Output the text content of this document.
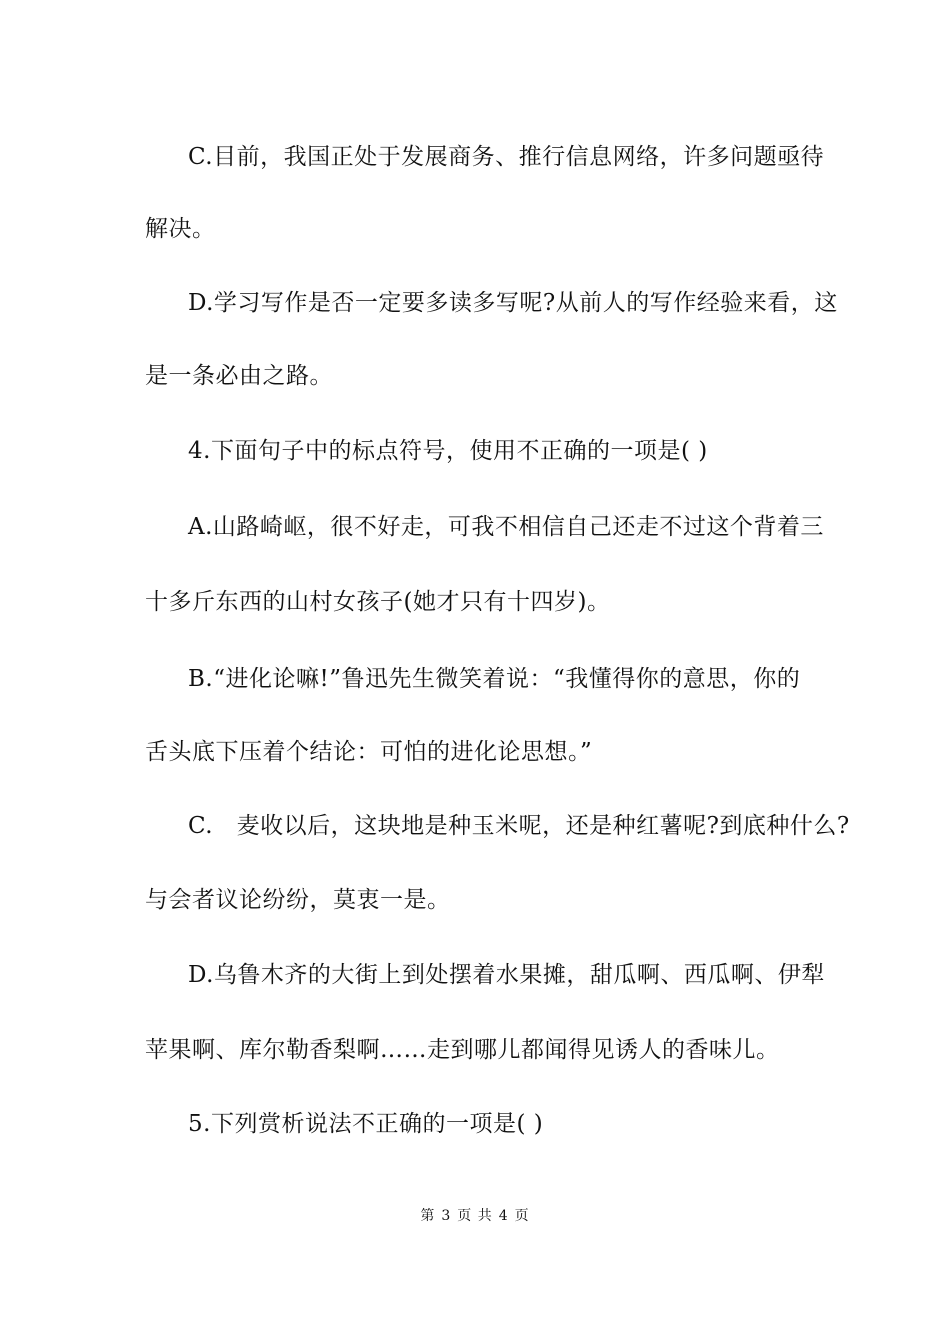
C.目前，我国正处于发展商务、推行信息网络，许多问题亟待
解决。
D.学习写作是否一定要多读多写呢?从前人的写作经验来看，这
是一条必由之路。
4.下面句子中的标点符号，使用不正确的一项是( )
A.山路崎岖，很不好走，可我不相信自己还走不过这个背着三
十多斤东西的山村女孩子(她才只有十四岁)。
B.“进化论嘛!”鲁迅先生微笑着说：“我懂得你的意思，你的
舌头底下压着个结论：可怕的进化论思想。”
C.　麦收以后，这块地是种玉米呢，还是种红薯呢?到底种什么?
与会者议论纷纷，莫衷一是。
D.乌鲁木齐的大街上到处摆着水果摊，甜瓜啊、西瓜啊、伊犁
苹果啊、库尔勒香梨啊……走到哪儿都闻得见诱人的香味儿。
5.下列赏析说法不正确的一项是( )
第 3 页 共 4 页
